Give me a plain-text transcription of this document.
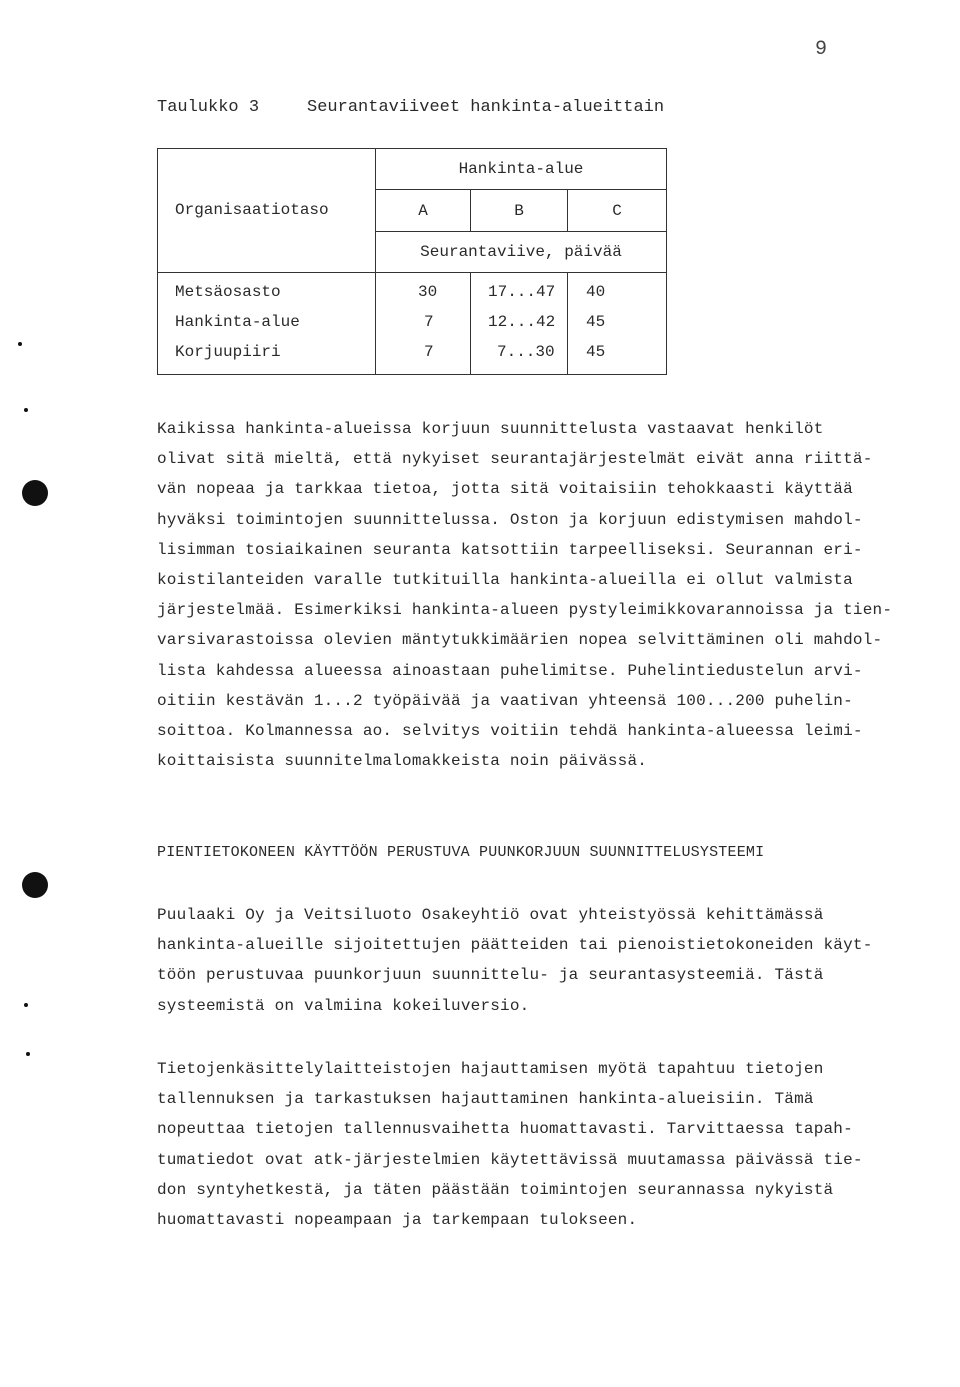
9
Taulukko 3	Seurantaviiveet hankinta-alueittain
Organisaatiotaso
Hankinta-alue
A	B	C
Seurantaviive, päivää
Metsäosasto	30	17...47 40
Hankinta-alue	7	12...42 45
Korjuupiiri	7	7...30 45

Kaikissa hankinta-alueissa korjuun suunnittelusta vastaavat henkilöt
olivat sitä mieltä, että nykyiset seurantajärjestelmät eivät anna riittä-
vän nopeaa ja tarkkaa tietoa, jotta sitä voitaisiin tehokkaasti käyttää
hyväksi toimintojen suunnittelussa. Oston ja korjuun edistymisen mahdol-
lisimman tosiaikainen seuranta katsottiin tarpeelliseksi. Seurannan eri-
koistilanteiden varalle tutkituilla hankinta-alueilla ei ollut valmista
järjestelmää. Esimerkiksi hankinta-alueen pystyleimikkovarannoissa ja tien-
varsivarastoissa olevien mäntytukkimäärien nopea selvittäminen oli mahdol-
lista kahdessa alueessa ainoastaan puhelimitse. Puhelintiedustelun arvi-
oitiin kestävän 1...2 työpäivää ja vaativan yhteensä 100...200 puhelin-
soittoa. Kolmannessa ao. selvitys voitiin tehdä hankinta-alueessa leimi-
koittaisista suunnitelmalomakkeista noin päivässä.

PIENTIETOKONEEN KÄYTTÖÖN PERUSTUVA PUUNKORJUUN SUUNNITTELUSYSTEEMI

Puulaaki Oy ja Veitsiluoto Osakeyhtiö ovat yhteistyössä kehittämässä
hankinta-alueille sijoitettujen päätteiden tai pienoistietokoneiden käyt-
töön perustuvaa puunkorjuun suunnittelu- ja seurantasysteemiä. Tästä
systeemistä on valmiina kokeiluversio.

Tietojenkäsittelylaitteistojen hajauttamisen myötä tapahtuu tietojen
tallennuksen ja tarkastuksen hajauttaminen hankinta-alueisiin. Tämä
nopeuttaa tietojen tallennusvaihetta huomattavasti. Tarvittaessa tapah-
tumatiedot ovat atk-järjestelmien käytettävissä muutamassa päivässä tie-
don syntyhetkestä, ja täten päästään toimintojen seurannassa nykyistä
huomattavasti nopeampaan ja tarkempaan tulokseen.
